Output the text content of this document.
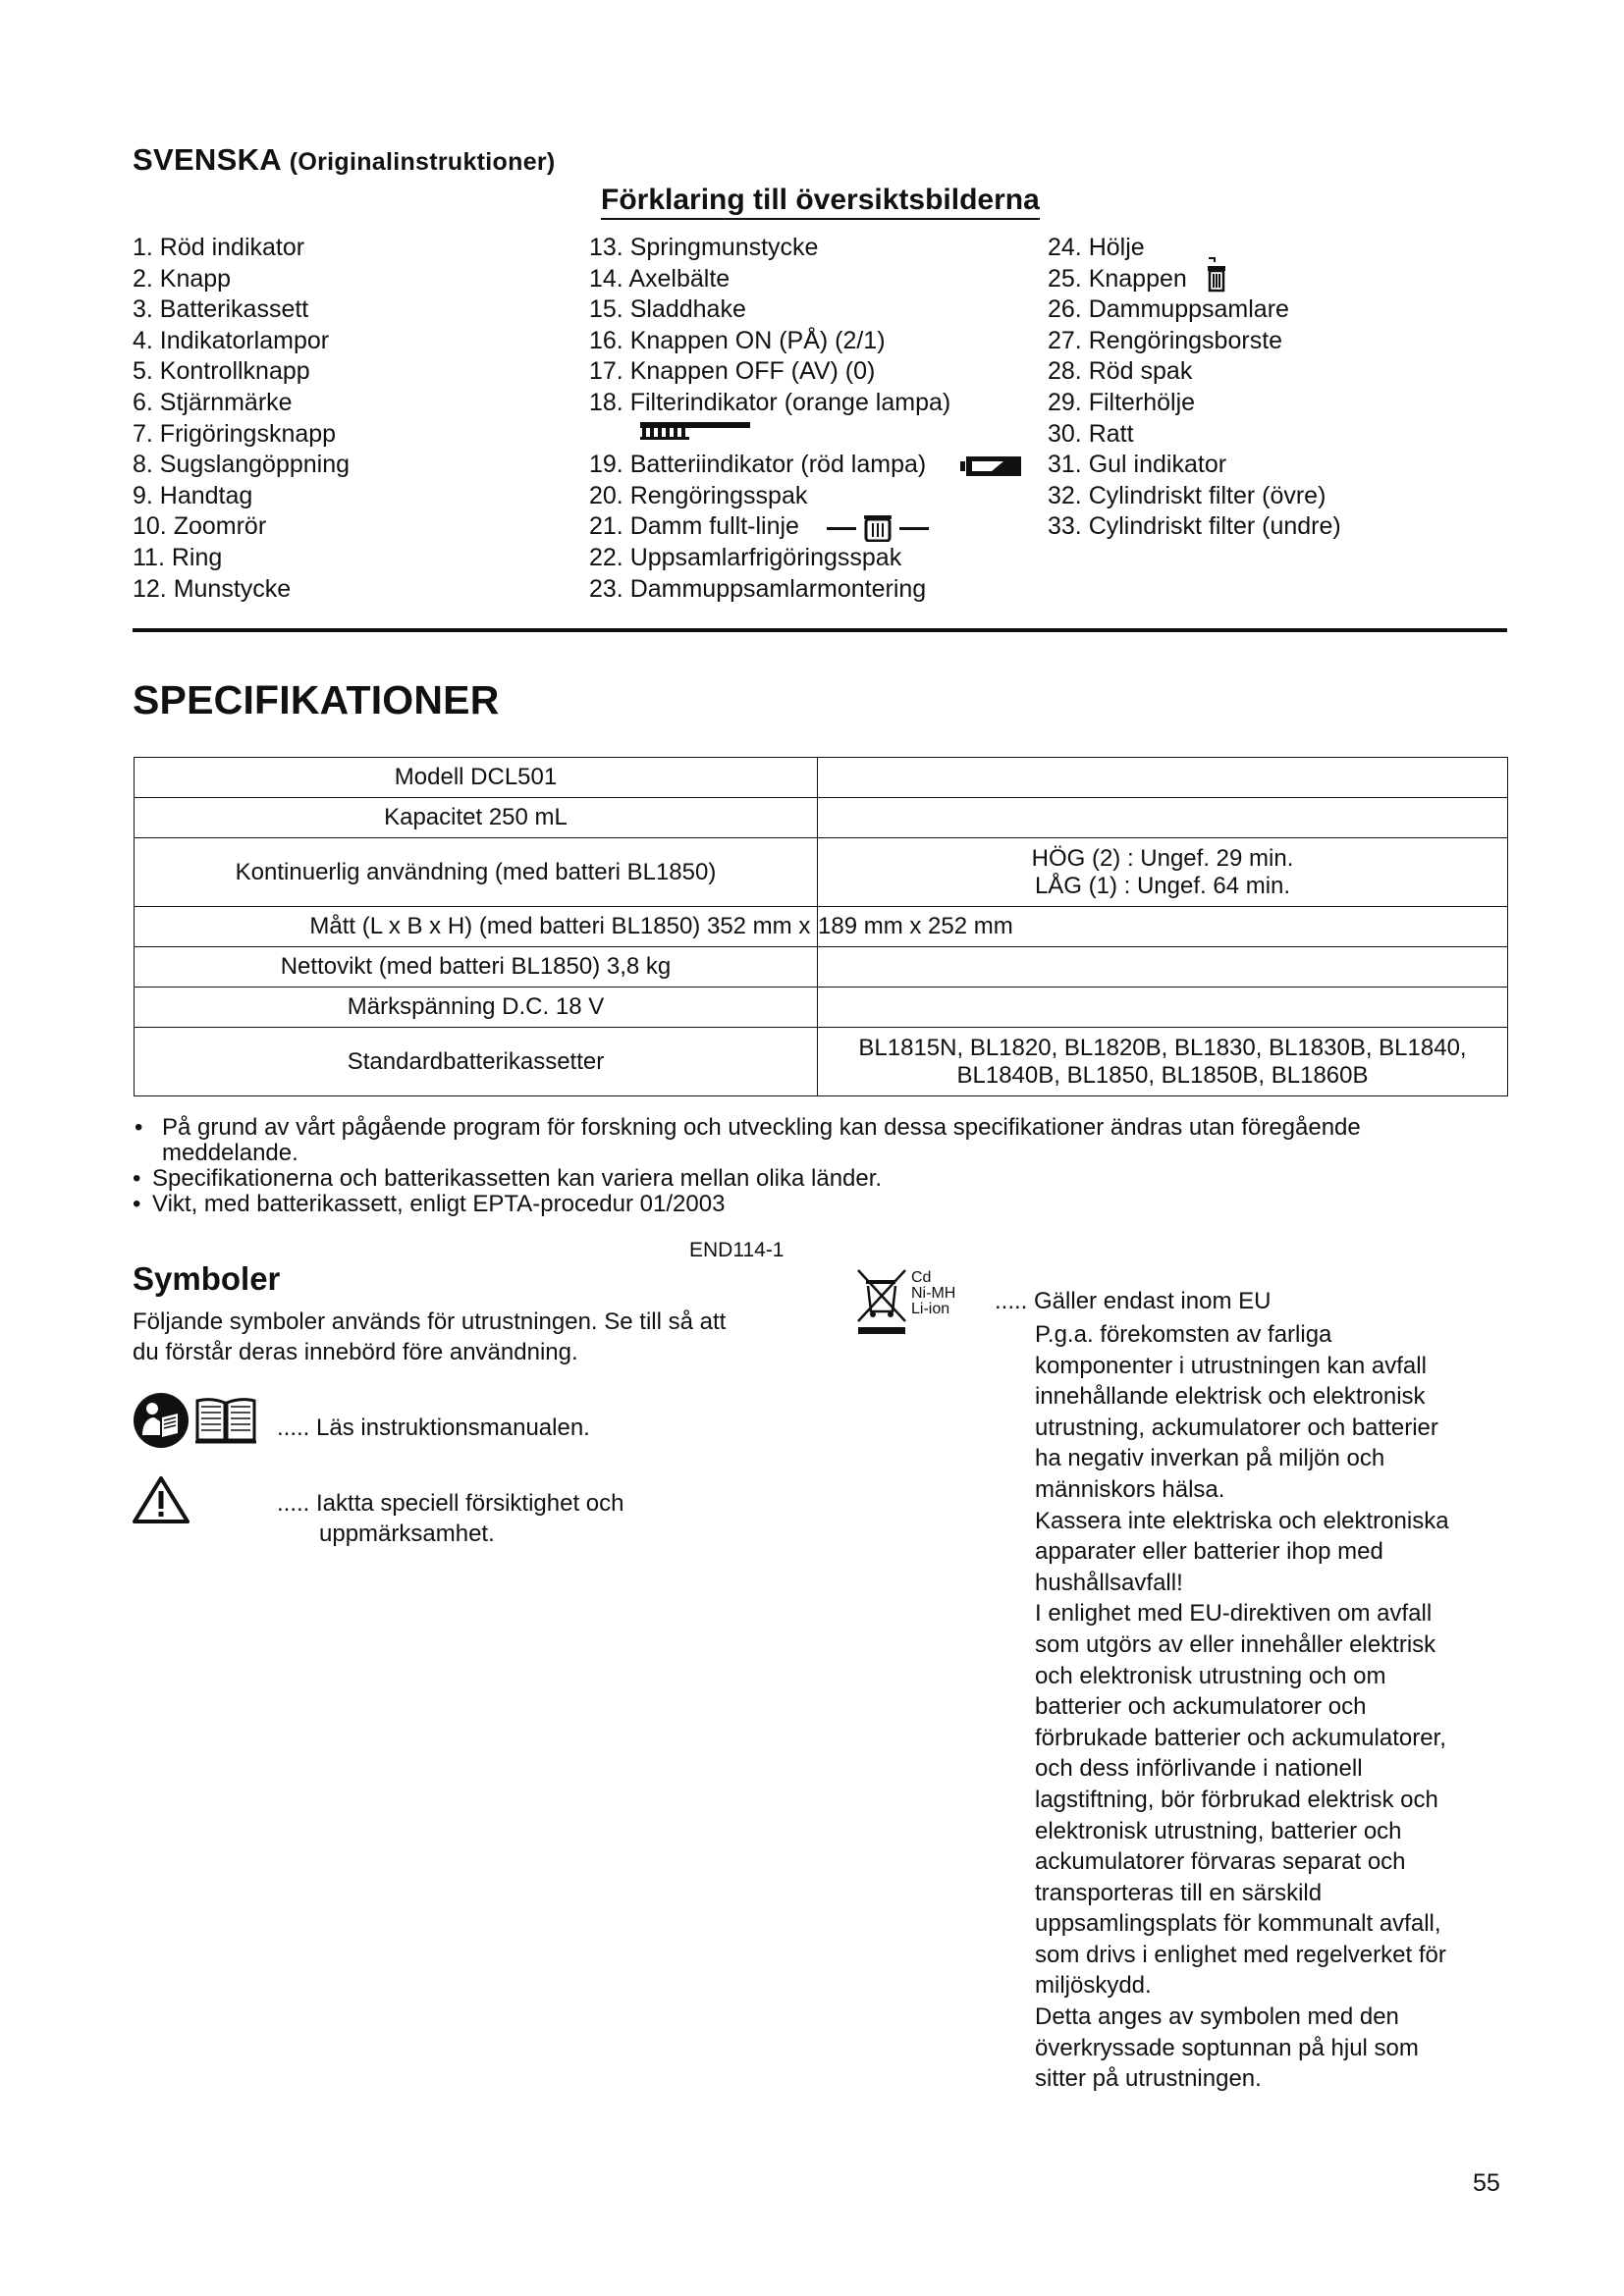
SVENSKA (Originalinstruktioner)
Förklaring till översiktsbilderna
1. Röd indikator
2. Knapp
3. Batterikassett
4. Indikatorlampor
5. Kontrollknapp
6. Stjärnmärke
7. Frigöringsknapp
8. Sugslangöppning
9. Handtag
10. Zoomrör
11. Ring
12. Munstycke
13. Springmunstycke
14. Axelbälte
15. Sladdhake
16. Knappen ON (PÅ) (2/1)
17. Knappen OFF (AV) (0)
18. Filterindikator (orange lampa)
19. Batteriindikator (röd lampa)
20. Rengöringsspak
21. Damm fullt-linje
22. Uppsamlarfrigöringsspak
23. Dammuppsamlarmontering
24. Hölje
25. Knappen
26. Dammuppsamlare
27. Rengöringsborste
28. Röd spak
29. Filterhölje
30. Ratt
31. Gul indikator
32. Cylindriskt filter (övre)
33. Cylindriskt filter (undre)
SPECIFIKATIONER
Modell DCL501	
Kapacitet 250 mL	
Kontinuerlig användning (med batteri BL1850)	HÖG (2) : Ungef. 29 min.
LÅG (1) : Ungef. 64 min.

Mått (L x B x H) (med batteri BL1850) 352 mm x	189 mm x 252 mm
Nettovikt (med batteri BL1850) 3,8 kg	
Märkspänning D.C. 18 V	
Standardbatterikassetter	BL1815N, BL1820, BL1820B, BL1830, BL1830B, BL1840,
BL1840B, BL1850, BL1850B, BL1860B
• På grund av vårt pågående program för forskning och utveckling kan dessa specifikationer ändras utan föregående
meddelande.
• Specifikationerna och batterikassetten kan variera mellan olika länder.
• Vikt, med batterikassett, enligt EPTA-procedur 01/2003
END114-1
Symboler
Följande symboler används för utrustningen. Se till så att
du förstår deras innebörd före användning.
..... Läs instruktionsmanualen.
..... Iaktta speciell försiktighet och
uppmärksamhet.
Cd
Ni-MH
Li-ion ..... Gäller endast inom EU
P.g.a. förekomsten av farliga
komponenter i utrustningen kan avfall
innehållande elektrisk och elektronisk
utrustning, ackumulatorer och batterier
ha negativ inverkan på miljön och
människors hälsa.
Kassera inte elektriska och elektroniska
apparater eller batterier ihop med
hushållsavfall!
I enlighet med EU-direktiven om avfall
som utgörs av eller innehåller elektrisk
och elektronisk utrustning och om
batterier och ackumulatorer och
förbrukade batterier och ackumulatorer,
och dess införlivande i nationell
lagstiftning, bör förbrukad elektrisk och
elektronisk utrustning, batterier och
ackumulatorer förvaras separat och
transporteras till en särskild
uppsamlingsplats för kommunalt avfall,
som drivs i enlighet med regelverket för
miljöskydd.
Detta anges av symbolen med den
överkryssade soptunnan på hjul som
sitter på utrustningen.
55
